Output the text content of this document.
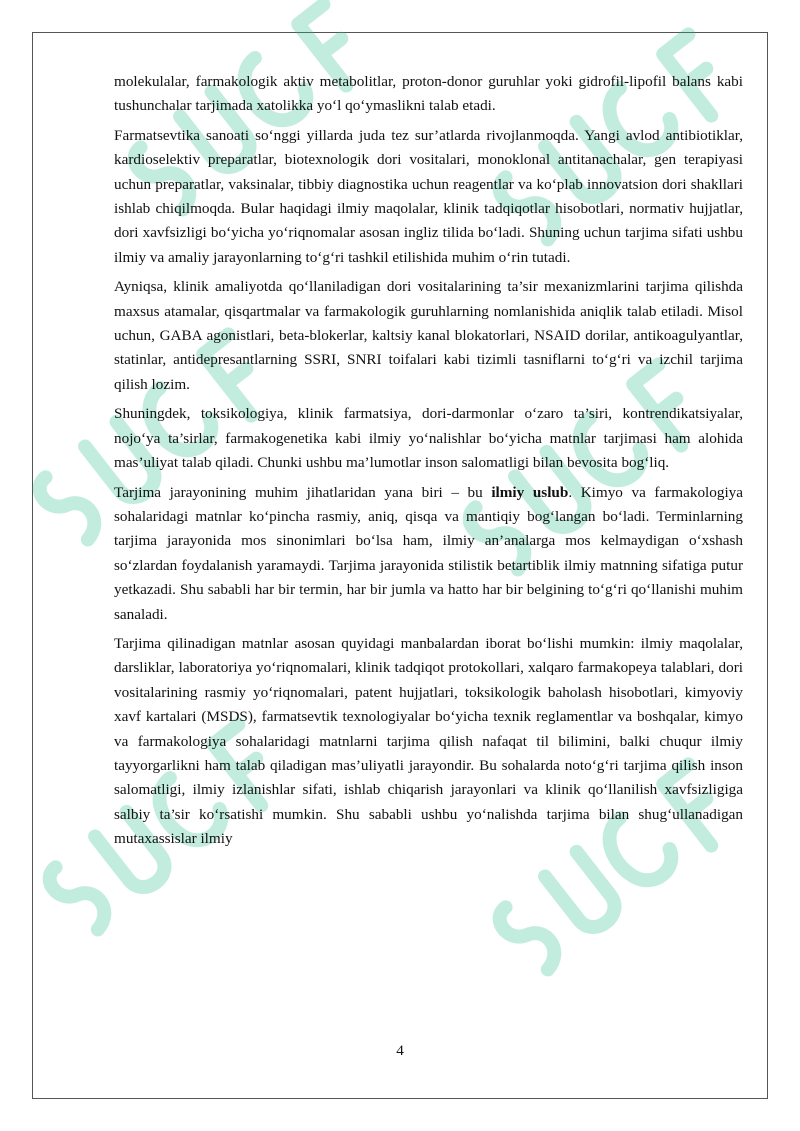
molekulalar, farmakologik aktiv metabolitlar, proton-donor guruhlar yoki gidrofil-lipofil balans kabi tushunchalar tarjimada xatolikka yo‘l qo‘ymaslikni talab etadi.

Farmatsevtika sanoati so‘nggi yillarda juda tez sur’atlarda rivojlanmoqda. Yangi avlod antibiotiklar, kardioselektiv preparatlar, biotexnologik dori vositalari, monoklonal antitanachalar, gen terapiyasi uchun preparatlar, vaksinalar, tibbiy diagnostika uchun reagentlar va ko‘plab innovatsion dori shakllari ishlab chiqilmoqda. Bular haqidagi ilmiy maqolalar, klinik tadqiqotlar hisobotlari, normativ hujjatlar, dori xavfsizligi bo‘yicha yo‘riqnomalar asosan ingliz tilida bo‘ladi. Shuning uchun tarjima sifati ushbu ilmiy va amaliy jarayonlarning to‘g‘ri tashkil etilishida muhim o‘rin tutadi.

Ayniqsa, klinik amaliyotda qo‘llaniladigan dori vositalarining ta’sir mexanizmlarini tarjima qilishda maxsus atamalar, qisqartmalar va farmakologik guruhlarning nomlanishida aniqlik talab etiladi. Misol uchun, GABA agonistlari, beta-blokerlar, kaltsiy kanal blokatorlari, NSAID dorilar, antikoagulyantlar, statinlar, antidepresantlarning SSRI, SNRI toifalari kabi tizimli tasniflarni to‘g‘ri va izchil tarjima qilish lozim.

Shuningdek, toksikologiya, klinik farmatsiya, dori-darmonlar o‘zaro ta’siri, kontrendikatsiyalar, nojo‘ya ta’sirlar, farmakogenetika kabi ilmiy yo‘nalishlar bo‘yicha matnlar tarjimasi ham alohida mas’uliyat talab qiladi. Chunki ushbu ma’lumotlar inson salomatligi bilan bevosita bog‘liq.

Tarjima jarayonining muhim jihatlaridan yana biri – bu ilmiy uslub. Kimyo va farmakologiya sohalaridagi matnlar ko‘pincha rasmiy, aniq, qisqa va mantiqiy bog‘langan bo‘ladi. Terminlarning tarjima jarayonida mos sinonimlari bo‘lsa ham, ilmiy an’analarga mos kelmaydigan o‘xshash so‘zlardan foydalanish yaramaydi. Tarjima jarayonida stilistik betartiblik ilmiy matnning sifatiga putur yetkazadi. Shu sababli har bir termin, har bir jumla va hatto har bir belgining to‘g‘ri qo‘llanishi muhim sanaladi.

Tarjima qilinadigan matnlar asosan quyidagi manbalardan iborat bo‘lishi mumkin: ilmiy maqolalar, darsliklar, laboratoriya yo‘riqnomalari, klinik tadqiqot protokollari, xalqaro farmakopeya talablari, dori vositalarining rasmiy yo‘riqnomalari, patent hujjatlari, toksikologik baholash hisobotlari, kimyoviy xavf kartalari (MSDS), farmatsevtik texnologiyalar bo‘yicha texnik reglamentlar va boshqalar, kimyo va farmakologiya sohalaridagi matnlarni tarjima qilish nafaqat til bilimini, balki chuqur ilmiy tayyorgarlikni ham talab qiladigan mas’uliyatli jarayondir. Bu sohalarda noto‘g‘ri tarjima qilish inson salomatligi, ilmiy izlanishlar sifati, ishlab chiqarish jarayonlari va klinik qo‘llanilish xavfsizligiga salbiy ta’sir ko‘rsatishi mumkin. Shu sababli ushbu yo‘nalishda tarjima bilan shug‘ullanadigan mutaxassislar ilmiy

4
